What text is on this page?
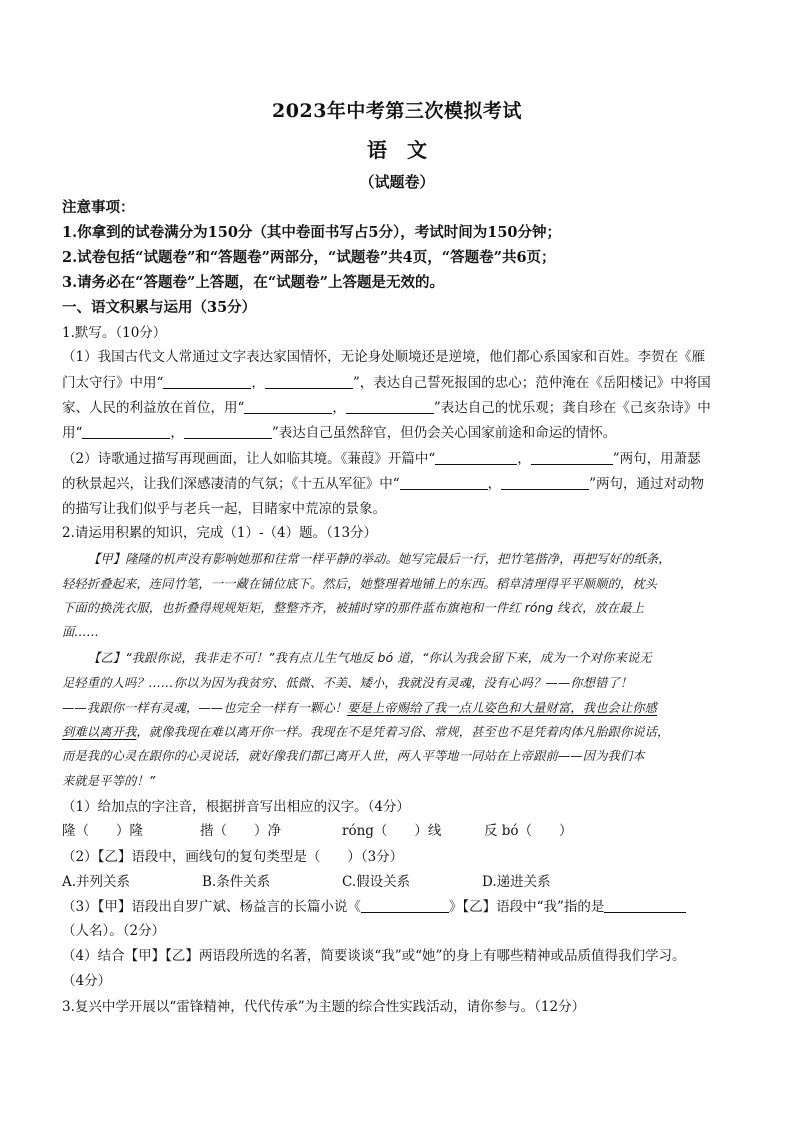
2023年中考第三次模拟考试
语　文
（试题卷）
注意事项：
1.你拿到的试卷满分为150分（其中卷面书写占5分），考试时间为150分钟；
2.试卷包括“试题卷”和“答题卷”两部分，“试题卷”共4页，“答题卷”共6页；
3.请务必在“答题卷”上答题，在“试题卷”上答题是无效的。
一、语文积累与运用（35分）
1.默写。（10分）
（1）我国古代文人常通过文字表达家国情怀，无论身处顺境还是逆境，他们都心系国家和百姓。李贺在《雁
门太守行》中用“	，	”，表达自己誓死报国的忠心；范仲淹在《岳阳楼记》中将国
家、人民的利益放在首位，用“	，	”表达自己的忧乐观；龚自珍在《己亥杂诗》中
用“	，	”表达自己虽然辞官，但仍会关心国家前途和命运的情怀。
（2）诗歌通过描写再现画面，让人如临其境。《蒹葭》开篇中“	，	”两句，用萧瑟
的秋景起兴，让我们深感凄清的气氛；《十五从军征》中“	，	”两句，通过对动物
的描写让我们似乎与老兵一起，目睹家中荒凉的景象。
2.请运用积累的知识，完成（1）-（4）题。（13分）
【甲】隆隆的机声没有影响她那和往常一样平静的举动。她写完最后一行，把竹笔揩净，再把写好的纸条，
轻轻折叠起来，连同竹笔，一一藏在铺位底下。然后，她整理着地铺上的东西。稻草清理得平平顺顺的，枕头
下面的换洗衣服，也折叠得规规矩矩，整整齐齐，被捕时穿的那件蓝布旗袍和一件红 róng 线衣，放在最上
面……
【乙】“我跟你说，我非走不可！”我有点儿生气地反 bó 道，“你认为我会留下来，成为一个对你来说无
足轻重的人吗？……你以为因为我贫穷、低微、不美、矮小，我就没有灵魂，没有心吗？——你想错了！
——我跟你一样有灵魂，——也完全一样有一颗心！要是上帝赐给了我一点儿姿色和大量财富，我也会让你感
到难以离开我，就像我现在难以离开你一样。我现在不是凭着习俗、常规，甚至也不是凭着肉体凡胎跟你说话，
而是我的心灵在跟你的心灵说话，就好像我们都已离开人世，两人平等地一同站在上帝跟前——因为我们本
来就是平等的！”
（1）给加点的字注音，根据拼音写出相应的汉字。（4分）
隆（　　）隆	揩（　　）净	róng（　　）线	反 bó（　　）
（2）【乙】语段中，画线句的复句类型是（　　）（3分）
A.并列关系	B.条件关系	C.假设关系	D.递进关系
（3）【甲】语段出自罗广斌、杨益言的长篇小说《	》【乙】语段中“我”指的是
（人名）。（2分）
（4）结合【甲】【乙】两语段所选的名著，简要谈谈“我”或“她”的身上有哪些精神或品质值得我们学习。
（4分）
3.复兴中学开展以“雷锋精神，代代传承”为主题的综合性实践活动，请你参与。（12分）
